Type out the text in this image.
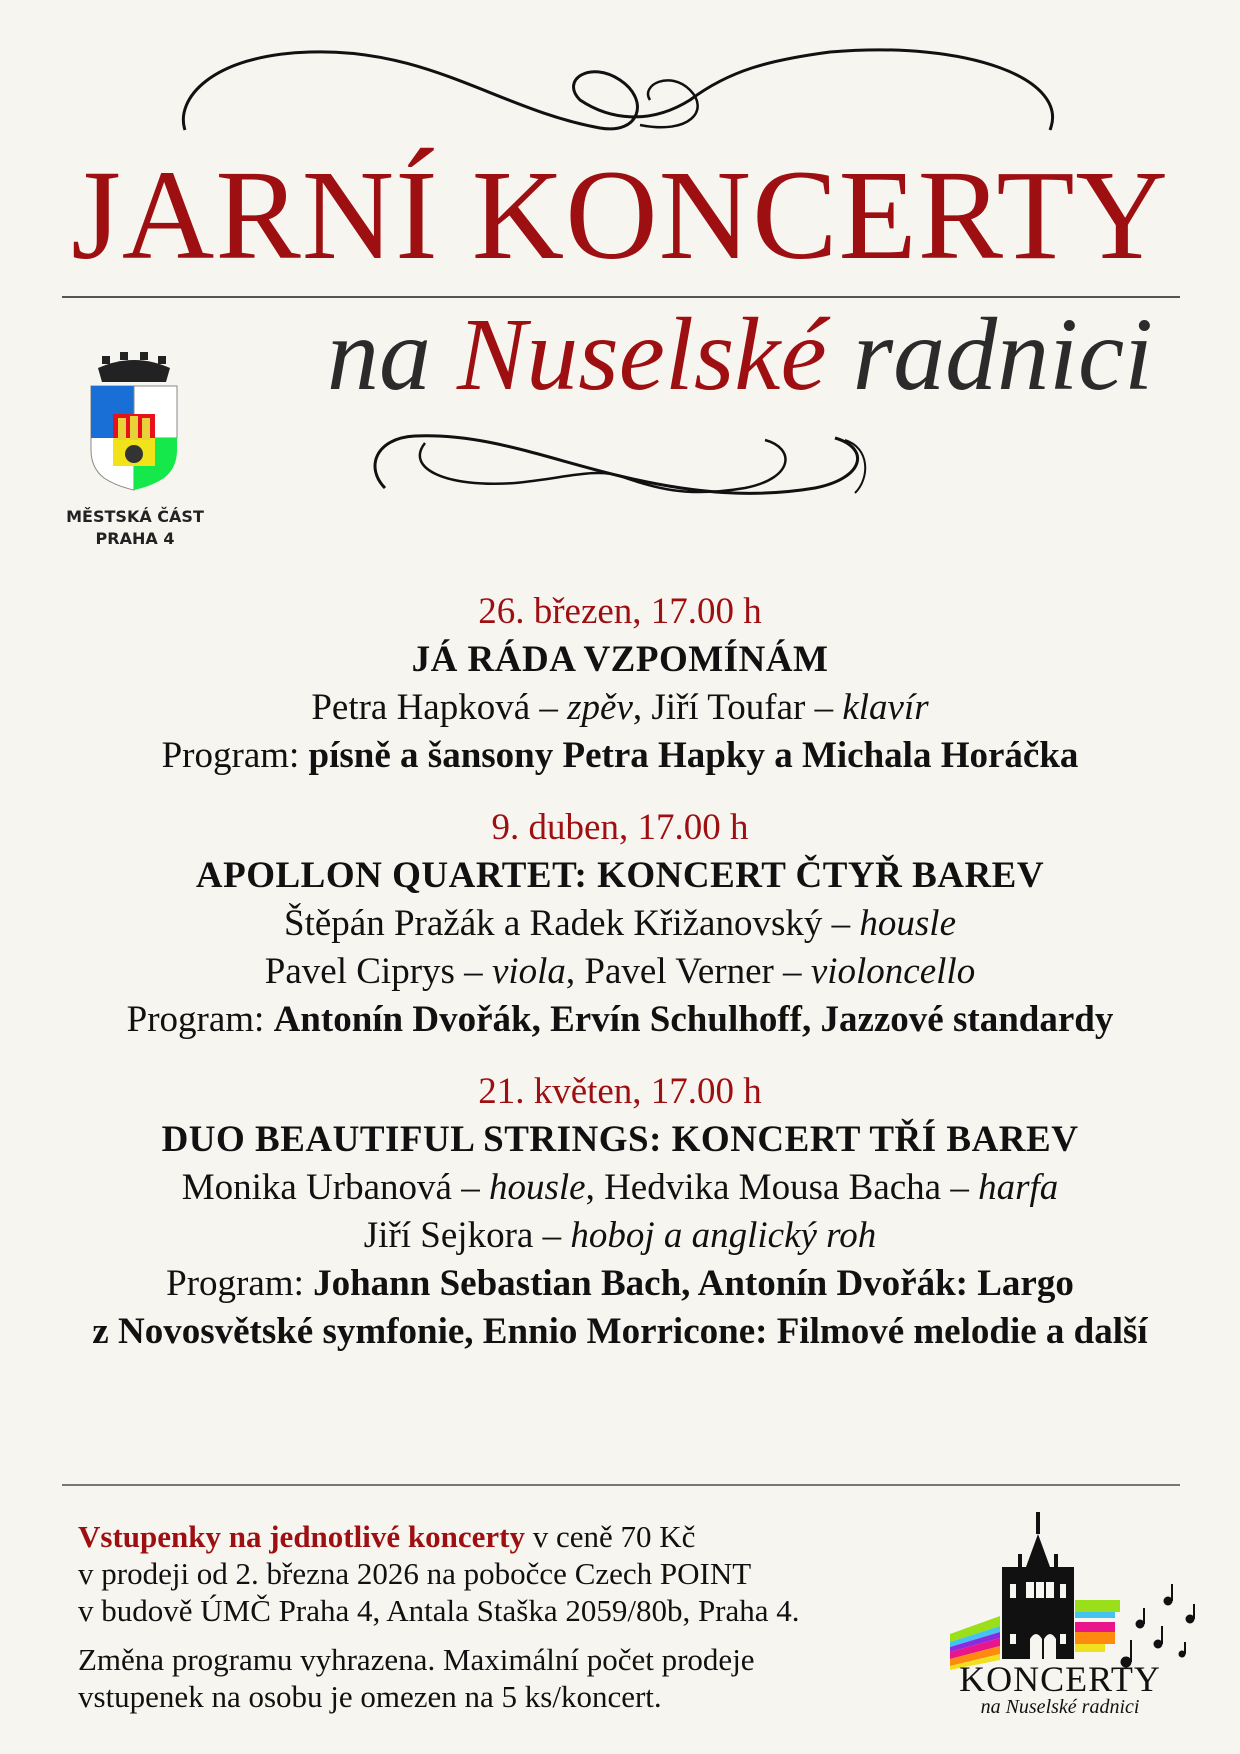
JARNÍ KONCERTY
na Nuselské radnici
MĚSTSKÁ ČÁST
PRAHA 4
26. březen, 17.00 h
JÁ RÁDA VZPOMÍNÁM
Petra Hapková – zpěv, Jiří Toufar – klavír
Program: písně a šansony Petra Hapky a Michala Horáčka
9. duben, 17.00 h
APOLLON QUARTET: KONCERT ČTYŘ BAREV
Štěpán Pražák a Radek Křižanovský – housle
Pavel Ciprys – viola, Pavel Verner – violoncello
Program: Antonín Dvořák, Ervín Schulhoff, Jazzové standardy
21. květen, 17.00 h
DUO BEAUTIFUL STRINGS: KONCERT TŘÍ BAREV
Monika Urbanová – housle, Hedvika Mousa Bacha – harfa
Jiří Sejkora – hoboj a anglický roh
Program: Johann Sebastian Bach, Antonín Dvořák: Largo
z Novosvětské symfonie, Ennio Morricone: Filmové melodie a další

Vstupenky na jednotlivé koncerty v ceně 70 Kč
v prodeji od 2. března 2026 na pobočce Czech POINT
v budově ÚMČ Praha 4, Antala Staška 2059/80b, Praha 4.

Změna programu vyhrazena. Maximální počet prodeje
vstupenek na osobu je omezen na 5 ks/koncert.	KONCERTY
na Nuselské radnici
